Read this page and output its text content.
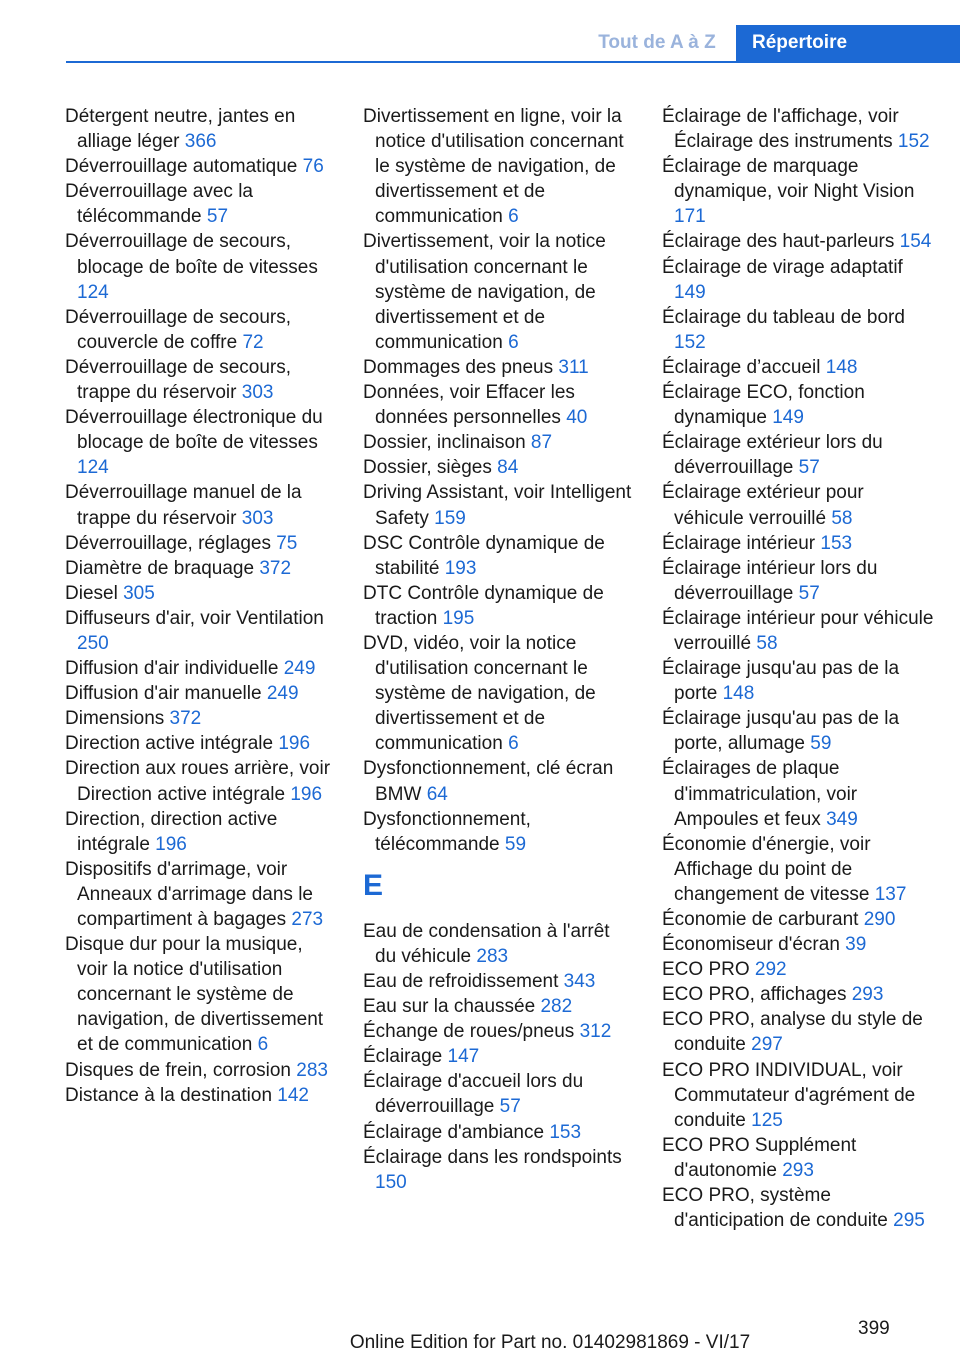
Tout de A à Z	Répertoire
Détergent neutre, jantes en alliage léger 366
Déverrouillage automatique 76
Déverrouillage avec la télécommande 57
Déverrouillage de secours, blocage de boîte de vitesses 124
Déverrouillage de secours, couvercle de coffre 72
Déverrouillage de secours, trappe du réservoir 303
Déverrouillage électronique du blocage de boîte de vitesses 124
Déverrouillage manuel de la trappe du réservoir 303
Déverrouillage, réglages 75
Diamètre de braquage 372
Diesel 305
Diffuseurs d'air, voir Ventilation 250
Diffusion d'air individuelle 249
Diffusion d'air manuelle 249
Dimensions 372
Direction active intégrale 196
Direction aux roues arrière, voir Direction active intégrale 196
Direction, direction active intégrale 196
Dispositifs d'arrimage, voir Anneaux d'arrimage dans le compartiment à bagages 273
Disque dur pour la musique, voir la notice d'utilisation concernant le système de navigation, de divertissement et de communication 6
Disques de frein, corrosion 283
Distance à la destination 142
Divertissement en ligne, voir la notice d'utilisation concernant le système de navigation, de divertissement et de communication 6
Divertissement, voir la notice d'utilisation concernant le système de navigation, de divertissement et de communication 6
Dommages des pneus 311
Données, voir Effacer les données personnelles 40
Dossier, inclinaison 87
Dossier, sièges 84
Driving Assistant, voir Intelligent Safety 159
DSC Contrôle dynamique de stabilité 193
DTC Contrôle dynamique de traction 195
DVD, vidéo, voir la notice d'utilisation concernant le système de navigation, de divertissement et de communication 6
Dysfonctionnement, clé écran BMW 64
Dysfonctionnement, télécommande 59
E
Eau de condensation à l'arrêt du véhicule 283
Eau de refroidissement 343
Eau sur la chaussée 282
Échange de roues/pneus 312
Éclairage 147
Éclairage d'accueil lors du déverrouillage 57
Éclairage d'ambiance 153
Éclairage dans les rondspoints 150
Éclairage de l'affichage, voir Éclairage des instruments 152
Éclairage de marquage dynamique, voir Night Vision 171
Éclairage des haut-parleurs 154
Éclairage de virage adaptatif 149
Éclairage du tableau de bord 152
Éclairage d’accueil 148
Éclairage ECO, fonction dynamique 149
Éclairage extérieur lors du déverrouillage 57
Éclairage extérieur pour véhicule verrouillé 58
Éclairage intérieur 153
Éclairage intérieur lors du déverrouillage 57
Éclairage intérieur pour véhicule verrouillé 58
Éclairage jusqu'au pas de la porte 148
Éclairage jusqu'au pas de la porte, allumage 59
Éclairages de plaque d'immatriculation, voir Ampoules et feux 349
Économie d'énergie, voir Affichage du point de changement de vitesse 137
Économie de carburant 290
Économiseur d'écran 39
ECO PRO 292
ECO PRO, affichages 293
ECO PRO, analyse du style de conduite 297
ECO PRO INDIVIDUAL, voir Commutateur d'agrément de conduite 125
ECO PRO Supplément d'autonomie 293
ECO PRO, système d'anticipation de conduite 295
399
Online Edition for Part no. 01402981869 - VI/17
